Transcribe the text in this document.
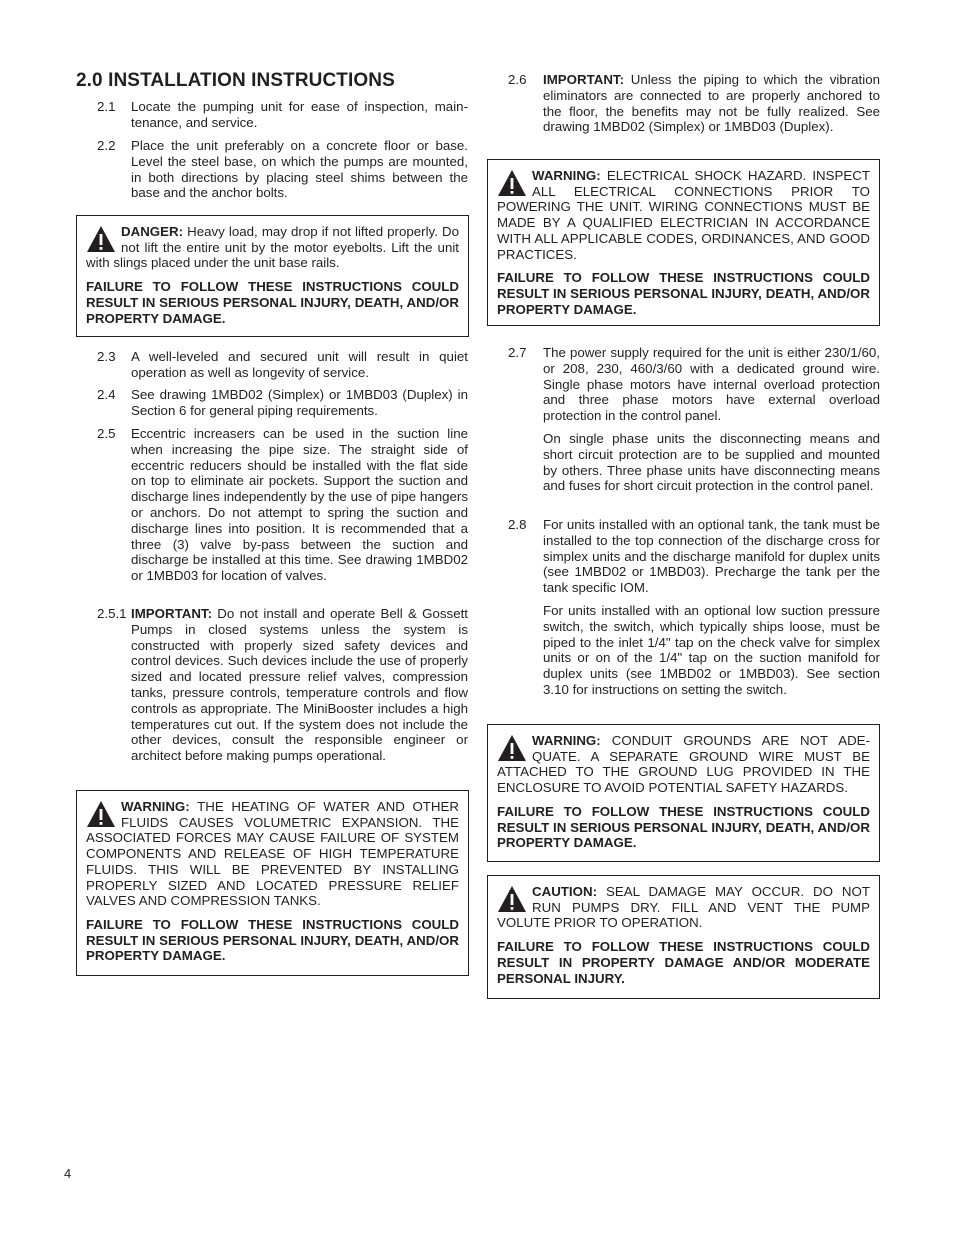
2.0 INSTALLATION INSTRUCTIONS
2.1	Locate the pumping unit for ease of inspection, maintenance, and service.
2.2	Place the unit preferably on a concrete floor or base. Level the steel base, on which the pumps are mounted, in both directions by placing steel shims between the base and the anchor bolts.
DANGER: Heavy load, may drop if not lifted properly. Do not lift the entire unit by the motor eyebolts. Lift the unit with slings placed under the unit base rails.
FAILURE TO FOLLOW THESE INSTRUCTIONS COULD RESULT IN SERIOUS PERSONAL INJURY, DEATH, AND/OR PROPERTY DAMAGE.
2.3	A well-leveled and secured unit will result in quiet operation as well as longevity of service.
2.4	See drawing 1MBD02 (Simplex) or 1MBD03 (Duplex) in Section 6 for general piping requirements.
2.5	Eccentric increasers can be used in the suction line when increasing the pipe size. The straight side of eccentric reducers should be installed with the flat side on top to eliminate air pockets. Support the suction and discharge lines independently by the use of pipe hangers or anchors. Do not attempt to spring the suction and discharge lines into position. It is recommended that a three (3) valve by-pass between the suction and discharge be installed at this time. See drawing 1MBD02 or 1MBD03 for location of valves.
2.5.1 IMPORTANT: Do not install and operate Bell & Gossett Pumps in closed systems unless the system is constructed with properly sized safety devices and control devices. Such devices include the use of properly sized and located pressure relief valves, compression tanks, pressure controls, temperature controls and flow controls as appropriate. The MiniBooster includes a high temperatures cut out. If the system does not include the other devices, consult the responsible engineer or architect before making pumps operational.
WARNING: THE HEATING OF WATER AND OTHER FLUIDS CAUSES VOLUMETRIC EXPANSION. THE ASSOCIATED FORCES MAY CAUSE FAILURE OF SYSTEM COMPONENTS AND RELEASE OF HIGH TEMPERATURE FLUIDS. THIS WILL BE PREVENTED BY INSTALLING PROPERLY SIZED AND LOCATED PRESSURE RELIEF VALVES AND COMPRESSION TANKS.
FAILURE TO FOLLOW THESE INSTRUCTIONS COULD RESULT IN SERIOUS PERSONAL INJURY, DEATH, AND/OR PROPERTY DAMAGE.
2.6	IMPORTANT: Unless the piping to which the vibration eliminators are connected to are properly anchored to the floor, the benefits may not be fully realized. See drawing 1MBD02 (Simplex) or 1MBD03 (Duplex).
WARNING: ELECTRICAL SHOCK HAZARD. INSPECT ALL ELECTRICAL CONNECTIONS PRIOR TO POWERING THE UNIT. WIRING CONNECTIONS MUST BE MADE BY A QUALIFIED ELECTRICIAN IN ACCORDANCE WITH ALL APPLICABLE CODES, ORDINANCES, AND GOOD PRACTICES.
FAILURE TO FOLLOW THESE INSTRUCTIONS COULD RESULT IN SERIOUS PERSONAL INJURY, DEATH, AND/OR PROPERTY DAMAGE.
2.7	The power supply required for the unit is either 230/1/60, or 208, 230, 460/3/60 with a dedicated ground wire. Single phase motors have internal overload protection and three phase motors have external overload protection in the control panel.

On single phase units the disconnecting means and short circuit protection are to be supplied and mounted by others. Three phase units have disconnecting means and fuses for short circuit protection in the control panel.

2.8	For units installed with an optional tank, the tank must be installed to the top connection of the discharge cross for simplex units and the discharge manifold for duplex units (see 1MBD02 or 1MBD03). Precharge the tank per the tank specific IOM.

For units installed with an optional low suction pressure switch, the switch, which typically ships loose, must be piped to the inlet 1/4" tap on the check valve for simplex units or on of the 1/4" tap on the suction manifold for duplex units (see 1MBD02 or 1MBD03). See section 3.10 for instructions on setting the switch.

WARNING: CONDUIT GROUNDS ARE NOT ADEQUATE. A SEPARATE GROUND WIRE MUST BE ATTACHED TO THE GROUND LUG PROVIDED IN THE ENCLOSURE TO AVOID POTENTIAL SAFETY HAZARDS.
FAILURE TO FOLLOW THESE INSTRUCTIONS COULD RESULT IN SERIOUS PERSONAL INJURY, DEATH, AND/OR PROPERTY DAMAGE.
CAUTION: SEAL DAMAGE MAY OCCUR. DO NOT RUN PUMPS DRY. FILL AND VENT THE PUMP VOLUTE PRIOR TO OPERATION.
FAILURE TO FOLLOW THESE INSTRUCTIONS COULD RESULT IN PROPERTY DAMAGE AND/OR MODERATE PERSONAL INJURY.
4
